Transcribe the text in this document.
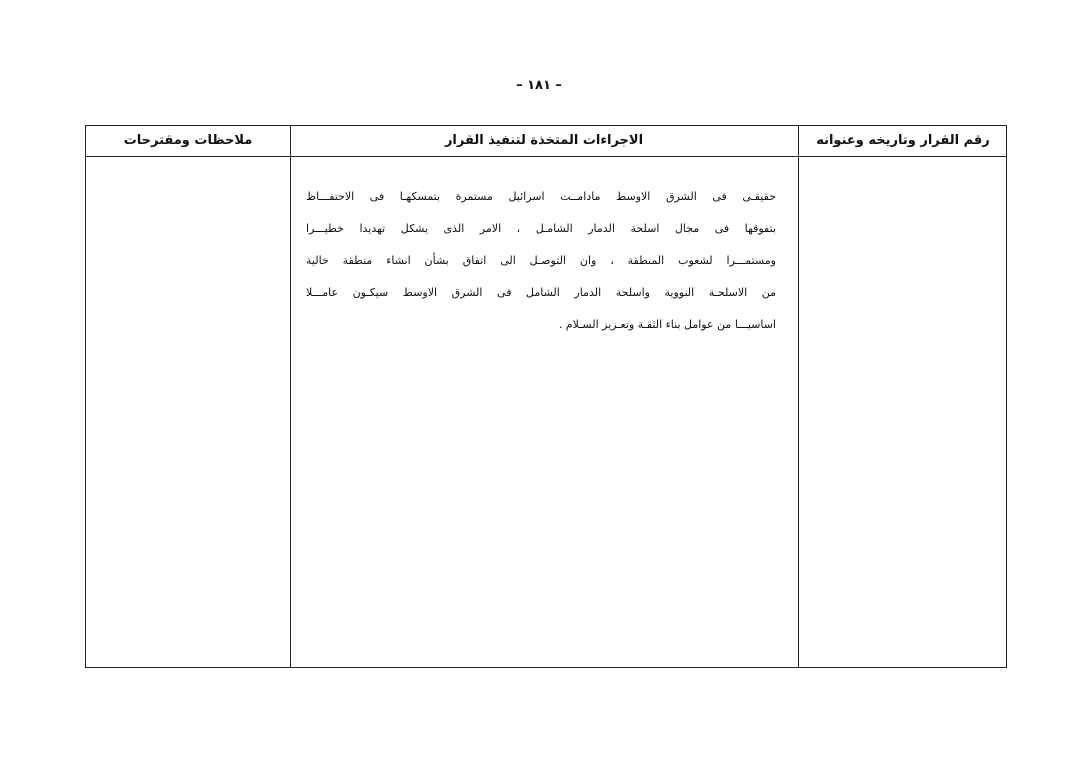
– ١٨١ –
ملاحظات ومقترحات	الاجراءات المتخذة لتنفيذ القرار	رقم القرار وتاريخه وعنوانه
حقيقـى فى الشرق الاوسط مادامــت اسرائيل مستمرة بتمسكهـا فى الاحتفـــاظ
بتفوقها فى مجال اسلحة الدمار الشامـل ، الامر الذى يشكل تهديدا خطيـــرا
ومستمـــرا لشعوب المنطقة ، وان التوصـل الى اتفاق بشأن انشاء منطقة خالية
من الاسلحـة النووية واسلحة الدمار الشامل فى الشرق الاوسط سيكـون عامـــلا
اساسيـــا من عوامل بناء الثقـة وتعـزيز السـلام .
